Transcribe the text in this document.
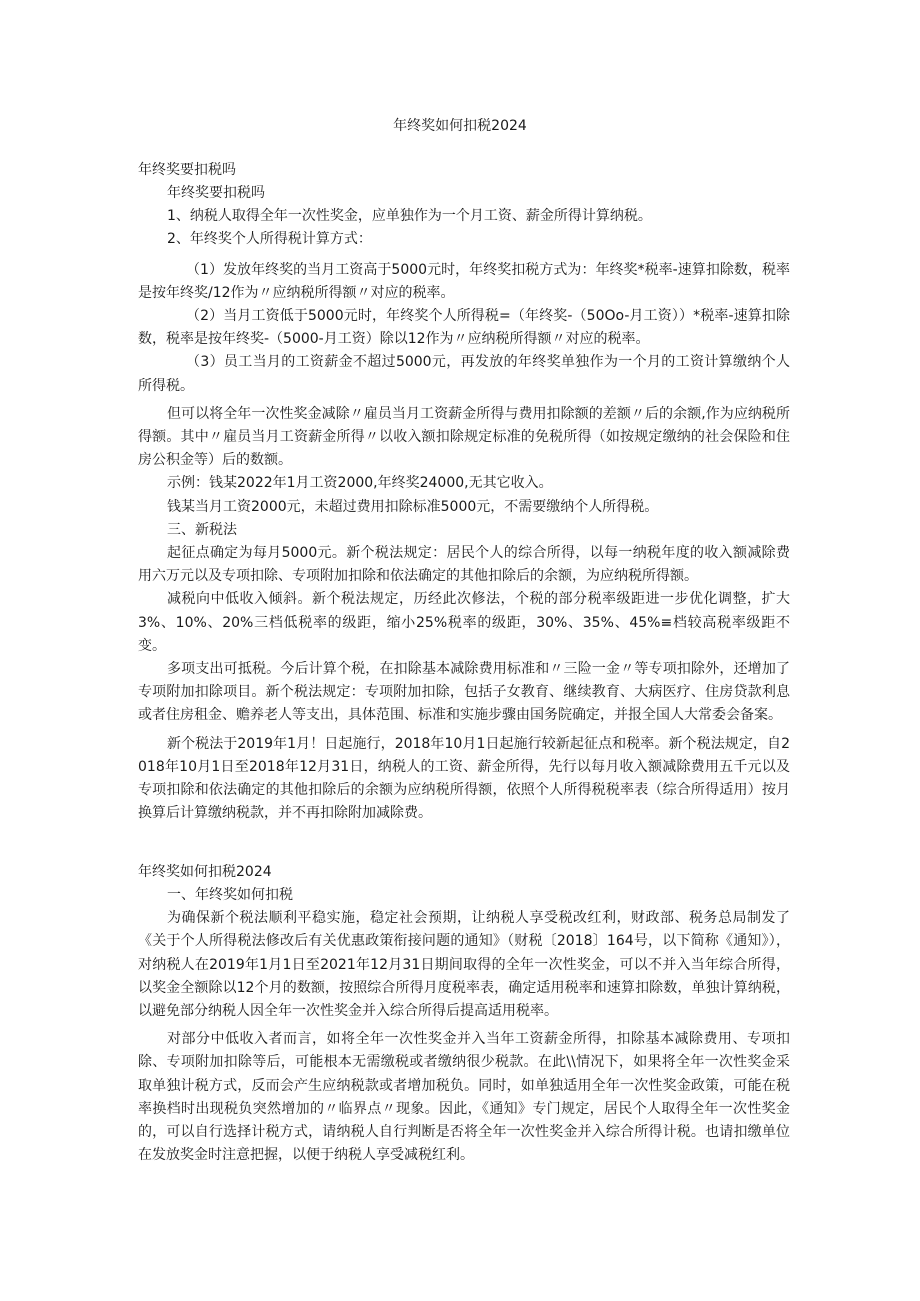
年终奖如何扣税2024

年终奖要扣税吗

年终奖要扣税吗

1、纳税人取得全年一次性奖金，应单独作为一个月工资、薪金所得计算纳税。

2、年终奖个人所得税计算方式：

（1）发放年终奖的当月工资高于5000元时，年终奖扣税方式为：年终奖*税率-速算扣除数，税率是按年终奖/12作为〃应纳税所得额〃对应的税率。

（2）当月工资低于5000元时，年终奖个人所得税=（年终奖-（50Oo-月工资））*税率-速算扣除数，税率是按年终奖-（5000-月工资）除以12作为〃应纳税所得额〃对应的税率。

（3）员工当月的工资薪金不超过5000元，再发放的年终奖单独作为一个月的工资计算缴纳个人所得税。

但可以将全年一次性奖金减除〃雇员当月工资薪金所得与费用扣除额的差额〃后的余额,作为应纳税所得额。其中〃雇员当月工资薪金所得〃以收入额扣除规定标准的免税所得（如按规定缴纳的社会保险和住房公积金等）后的数额。

示例：钱某2022年1月工资2000,年终奖24000,无其它收入。

钱某当月工资2000元，未超过费用扣除标准5000元，不需要缴纳个人所得税。

三、新税法

起征点确定为每月5000元。新个税法规定：居民个人的综合所得，以每一纳税年度的收入额减除费用六万元以及专项扣除、专项附加扣除和依法确定的其他扣除后的余额，为应纳税所得额。

减税向中低收入倾斜。新个税法规定，历经此次修法，个税的部分税率级距进一步优化调整，扩大3%、10%、20%三档低税率的级距，缩小25%税率的级距，30%、35%、45%≡档较高税率级距不变。

多项支出可抵税。今后计算个税，在扣除基本减除费用标准和〃三险一金〃等专项扣除外，还增加了专项附加扣除项目。新个税法规定：专项附加扣除，包括子女教育、继续教育、大病医疗、住房贷款利息或者住房租金、赡养老人等支出，具体范围、标准和实施步骤由国务院确定，并报全国人大常委会备案。

新个税法于2019年1月！日起施行，2018年10月1日起施行较新起征点和税率。新个税法规定，自2018年10月1日至2018年12月31日，纳税人的工资、薪金所得，先行以每月收入额减除费用五千元以及专项扣除和依法确定的其他扣除后的余额为应纳税所得额，依照个人所得税税率表（综合所得适用）按月换算后计算缴纳税款，并不再扣除附加减除费。

年终奖如何扣税2024

一、年终奖如何扣税

为确保新个税法顺利平稳实施，稳定社会预期，让纳税人享受税改红利，财政部、税务总局制发了《关于个人所得税法修改后有关优惠政策衔接问题的通知》（财税〔2018〕164号，以下简称《通知》），对纳税人在2019年1月1日至2021年12月31日期间取得的全年一次性奖金，可以不并入当年综合所得，以奖金全额除以12个月的数额，按照综合所得月度税率表，确定适用税率和速算扣除数，单独计算纳税，以避免部分纳税人因全年一次性奖金并入综合所得后提高适用税率。

对部分中低收入者而言，如将全年一次性奖金并入当年工资薪金所得，扣除基本减除费用、专项扣除、专项附加扣除等后，可能根本无需缴税或者缴纳很少税款。在此\\情况下，如果将全年一次性奖金采取单独计税方式，反而会产生应纳税款或者增加税负。同时，如单独适用全年一次性奖金政策，可能在税率换档时出现税负突然增加的〃临界点〃现象。因此，《通知》专门规定，居民个人取得全年一次性奖金的，可以自行选择计税方式，请纳税人自行判断是否将全年一次性奖金并入综合所得计税。也请扣缴单位在发放奖金时注意把握，以便于纳税人享受减税红利。
